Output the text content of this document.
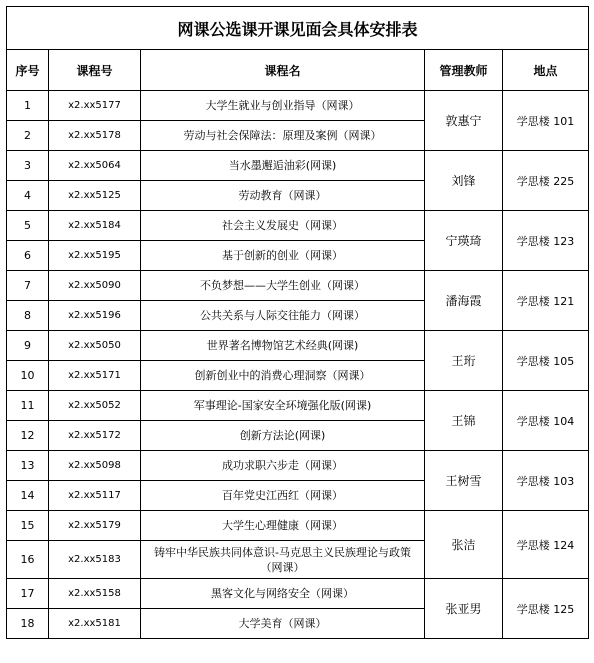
网课公选课开课见面会具体安排表				
序号	课程号	课程名	管理教师	地点
1	x2.xx5177	大学生就业与创业指导（网课）	敦惠宁	学思楼 101
2	x2.xx5178	劳动与社会保障法：原理及案例（网课）		
3	x2.xx5064	当水墨邂逅油彩(网课)	刘锋	学思楼 225
4	x2.xx5125	劳动教育（网课）		
5	x2.xx5184	社会主义发展史（网课）	宁瑛琦	学思楼 123
6	x2.xx5195	基于创新的创业（网课）		
7	x2.xx5090	不负梦想——大学生创业（网课）	潘海霞	学思楼 121
8	x2.xx5196	公共关系与人际交往能力（网课）		
9	x2.xx5050	世界著名博物馆艺术经典(网课)	王珩	学思楼 105
10	x2.xx5171	创新创业中的消费心理洞察（网课）		
11	x2.xx5052	军事理论-国家安全环境强化版(网课)	王锦	学思楼 104
12	x2.xx5172	创新方法论(网课)		
13	x2.xx5098	成功求职六步走（网课）	王树雪	学思楼 103
14	x2.xx5117	百年党史江西红（网课）		
15	x2.xx5179	大学生心理健康（网课）	张洁	学思楼 124
16	x2.xx5183	铸牢中华民族共同体意识-马克思主义民族理论与政策（网课）		
17	x2.xx5158	黑客文化与网络安全（网课）	张亚男	学思楼 125
18	x2.xx5181	大学美育（网课）		
